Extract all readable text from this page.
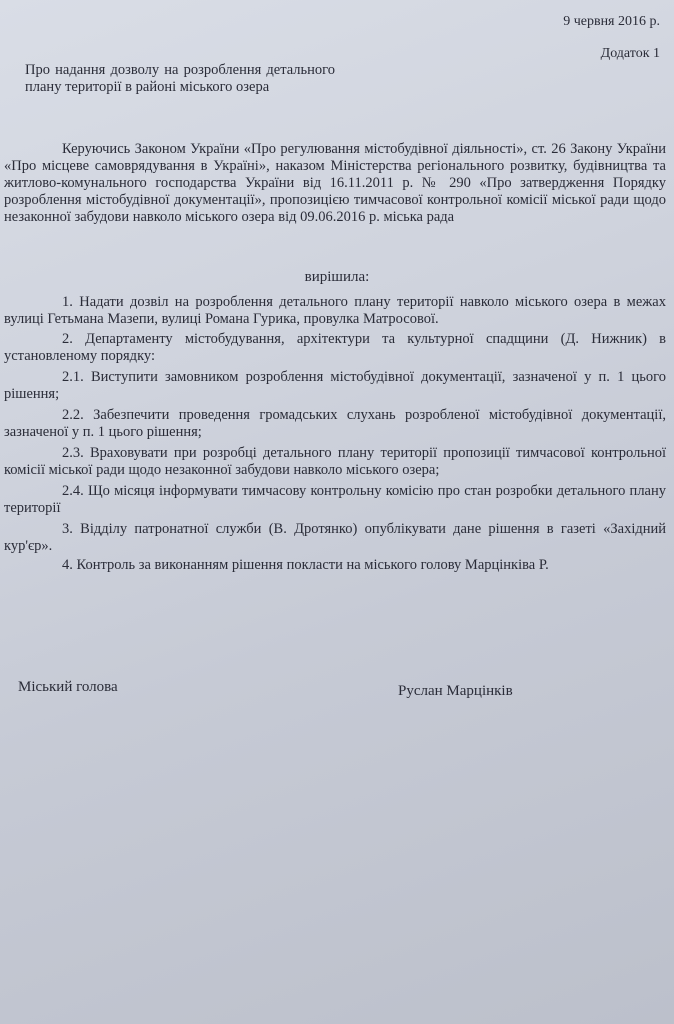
9 червня 2016 р.
Додаток 1
Про надання дозволу на розроблення детального плану території в районі міського озера

Керуючись Законом України «Про регулювання містобудівної діяльності», ст. 26 Закону України «Про місцеве самоврядування в Україні», наказом Міністерства регіонального розвитку, будівництва та житлово-комунального господарства України від 16.11.2011 р. № 290 «Про затвердження Порядку розроблення містобудівної документації», пропозицією тимчасової контрольної комісії міської ради щодо незаконної забудови навколо міського озера від 09.06.2016 р. міська рада

вирішила:

1. Надати дозвіл на розроблення детального плану території навколо міського озера в межах вулиці Гетьмана Мазепи, вулиці Романа Гурика, провулка Матросової.

2. Департаменту містобудування, архітектури та культурної спадщини (Д. Нижник) в установленому порядку:

2.1. Виступити замовником розроблення містобудівної документації, зазначеної у п. 1 цього рішення;

2.2. Забезпечити проведення громадських слухань розробленої містобудівної документації, зазначеної у п. 1 цього рішення;

2.3. Враховувати при розробці детального плану території пропозиції тимчасової контрольної комісії міської ради щодо незаконної забудови навколо міського озера;

2.4. Що місяця інформувати тимчасову контрольну комісію про стан розробки детального плану території

3. Відділу патронатної служби (В. Дротянко) опублікувати дане рішення в газеті «Західний кур'єр».

4. Контроль за виконанням рішення покласти на міського голову Марцінківа Р.

Міський голова	Руслан Марцінків
